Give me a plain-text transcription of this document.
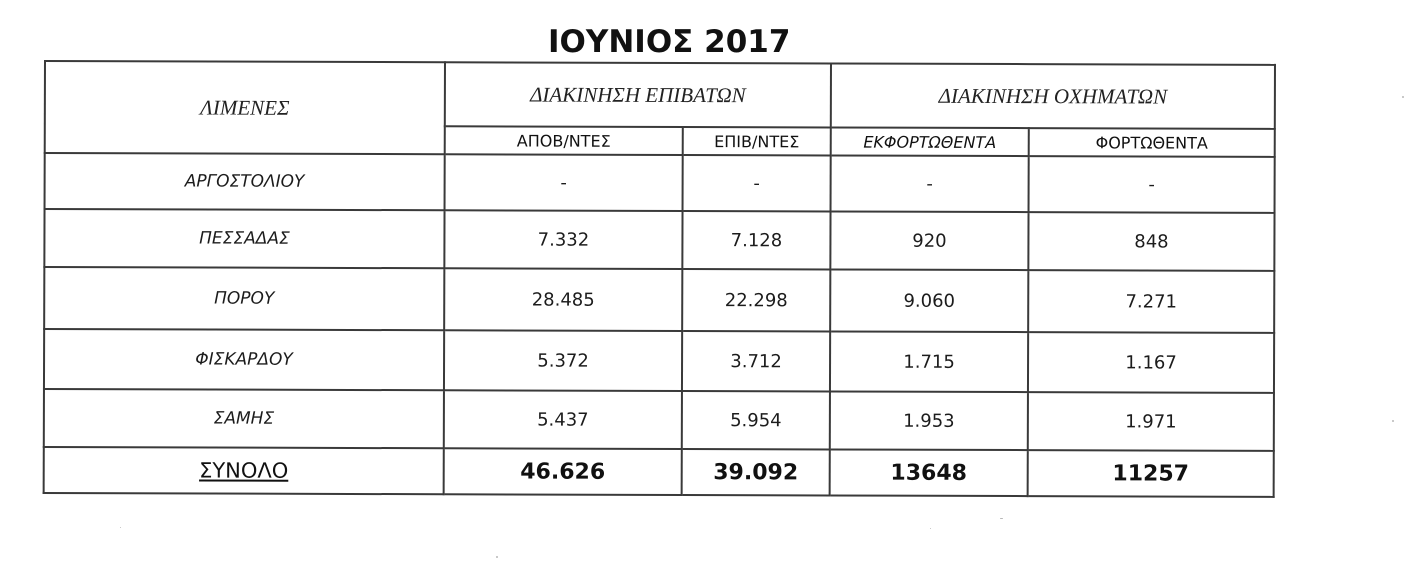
ΙΟΥΝΙΟΣ 2017
ΛΙΜΕΝΕΣ	ΔΙΑΚΙΝΗΣΗ ΕΠΙΒΑΤΩΝ		ΔΙΑΚΙΝΗΣΗ ΟΧΗΜΑΤΩΝ	
	ΑΠΟΒ/ΝΤΕΣ	ΕΠΙΒ/ΝΤΕΣ	ΕΚΦΟΡΤΩΘΕΝΤΑ	ΦΟΡΤΩΘΕΝΤΑ
ΑΡΓΟΣΤΟΛΙΟΥ	-	-	-	-
ΠΕΣΣΑΔΑΣ	7.332	7.128	920	848
ΠΟΡΟΥ	28.485	22.298	9.060	7.271
ΦΙΣΚΑΡΔΟΥ	5.372	3.712	1.715	1.167
ΣΑΜΗΣ	5.437	5.954	1.953	1.971
ΣΥΝΟΛΟ	46.626	39.092	13648	11257
